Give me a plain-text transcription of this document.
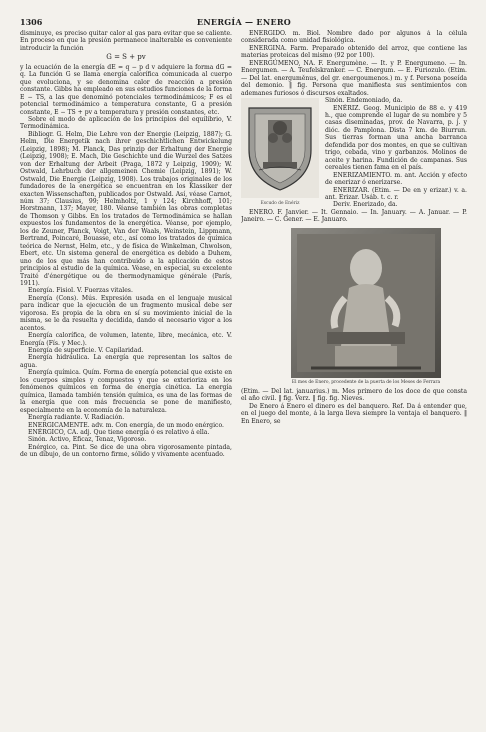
1306	ENERGÍA — ENERO

disminuye, es preciso quitar calor al gas para evitar que se caliente. En proceso en que la presión permanece inalterable es conveniente introducir la función

G = S + pv

y la ecuación de la energía dE = q − p d v adquiere la forma dG = q. La función G se llama energía calorífica comunicada al cuerpo que evoluciona, y se denomina calor de reacción a presión constante. Gibbs ha empleado en sus estudios funciones de la forma E − TS, a las que denominó potenciales termodinámicos; F es el potencial termodinámico a temperatura constante, G a presión constante, E − TS + pv a temperatura y presión constantes, etc.

Sobre el modo de aplicación de los principios del equilibrio, V. Termodinámica.

Bibliogr. G. Helm, Die Lehre von der Energie (Leipzig, 1887); G. Helm, Die Energetik nach ihrer geschichtlichen Entwickelung (Leipzig, 1898); M. Planck, Das prinzip der Erhaltung der Energie (Leipzig, 1908); E. Mach, Die Geschichte und die Wurzel des Satzes von der Erhaltung der Arbeit (Praga, 1872 y Leipzig, 1909); W. Ostwald, Lehrbuch der allgemeinen Chemie (Leipzig, 1891); W. Ostwald, Die Energie (Leipzig, 1908). Los trabajos originales de los fundadores de la energética se encuentran en los Klassiker der exacten Wissenschaften, publicados por Ostwald. Así, véase Carnot, núm 37; Clausius, 99; Helmholtz, 1 y 124; Kirchhoff, 101; Horstmann, 137; Mayer, 180. Véanse también las obras completas de Thomson y Gibbs. En los tratados de Termodinámica se hallan expuestos los fundamentos de la energética. Véanse, por ejemplo, los de Zeuner, Planck, Voigt, Van der Waals, Weinstein, Lippmann, Bertrand, Poincaré, Bouasse, etc., así como los tratados de química teórica de Nernst, Helm, etc., y de física de Winkelman, Chwolson, Ebert, etc. Un sistema general de energética es debido a Duhem, uno de los que más han contribuido a la aplicación de estos principios al estudio de la química. Véase, en especial, su excelente Traité d'énergétique ou de thermodynamique générale (París, 1911).

Energía. Fisiol. V. Fuerzas vitales.

Energía (Cons). Mús. Expresión usada en el lenguaje musical para indicar que la ejecución de un fragmento musical debe ser vigorosa. Es propia de la obra en sí su movimiento inicial de la misma, se le da resuelta y decidida, dando el necesario vigor a los acentos.

Energía calorífica, de volumen, latente, libre, mecánica, etc. V. Energía (Fís. y Mec.).

Energía de superficie. V. Capilaridad.

Energía hidráulica. La energía que representan los saltos de agua.

Energía química. Quím. Forma de energía potencial que existe en los cuerpos simples y compuestos y que se exterioriza en los fenómenos químicos en forma de energía cinética. La energía química, llamada también tensión química, es una de las formas de la energía que con más frecuencia se pone de manifiesto, especialmente en la economía de la naturaleza.

Energía radiante. V. Radiación.

ENERGICAMENTE. adv. m. Con energía, de un modo enérgico.

ENÉRGICO, CA. adj. Que tiene energía ó es relativo á ella.

Sinón. Activo, Eficaz, Tenaz, Vigoroso.

Enérgico, ca. Pint. Se dice de una obra vigorosamente pintada, de un dibujo, de un contorno firme, sólido y vivamente acentuado.

ENERGIDO. m. Biol. Nombre dado por algunos á la célula considerada como unidad fisiológica.

ENERGINA. Farm. Preparado obtenido del arroz, que contiene las materias proteicas del mismo (92 por 100).

ENERGÚMENO, NA. F. Energumène. — It. y P. Energumeno. — In. Energumen. — A. Teufelskranker. — C. Energum. — E. Furiozulo. (Etim. — Del lat. energumĕnus, del gr. energoumenos.) m. y f. Persona poseída del demonio. ‖ fig. Persona que manifiesta sus sentimientos con ademanes furiosos ó discursos exaltados.

Escudo de Enériz

Sinón. Endemoniado, da.

ENÉRIZ. Geog. Municipio de 88 e. y 419 h., que comprende el lugar de su nombre y 5 casas diseminadas, prov. de Navarra, p. j. y dióc. de Pamplona. Dista 7 km. de Biurrun. Sus tierras forman una ancha barranca defendida por dos montes, en que se cultivan trigo, cebada, vino y garbanzos. Molinos de aceite y harina. Fundición de campanas. Sus cereales tienen fama en el país.

ENERIZAMIENTO. m. ant. Acción y efecto de enerizar ó enerizarse.

ENERIZAR. (Etim. — De en y erizar.) v. a. ant. Erizar. Usáb. t. c. r.

Deriv. Enerizado, da.

ENERO. F. Janvier. — It. Gennaio. — In. January. — A. Januar. — P. Janeiro. — C. Gener. — E. Januaro.

El mes de Enero, procedente de la puerta de los Meses de Ferrara

(Etim. — Del lat. januarius.) m. Mes primero de los doce de que consta el año civil. ‖ fig. Verz. ‖ fig. fig. Nieves.

De Enero á Enero el dinero es del banquero. Ref. Da á entender que, en el juego del monte, á la larga lleva siempre la ventaja el banquero. ‖ En Enero, se
